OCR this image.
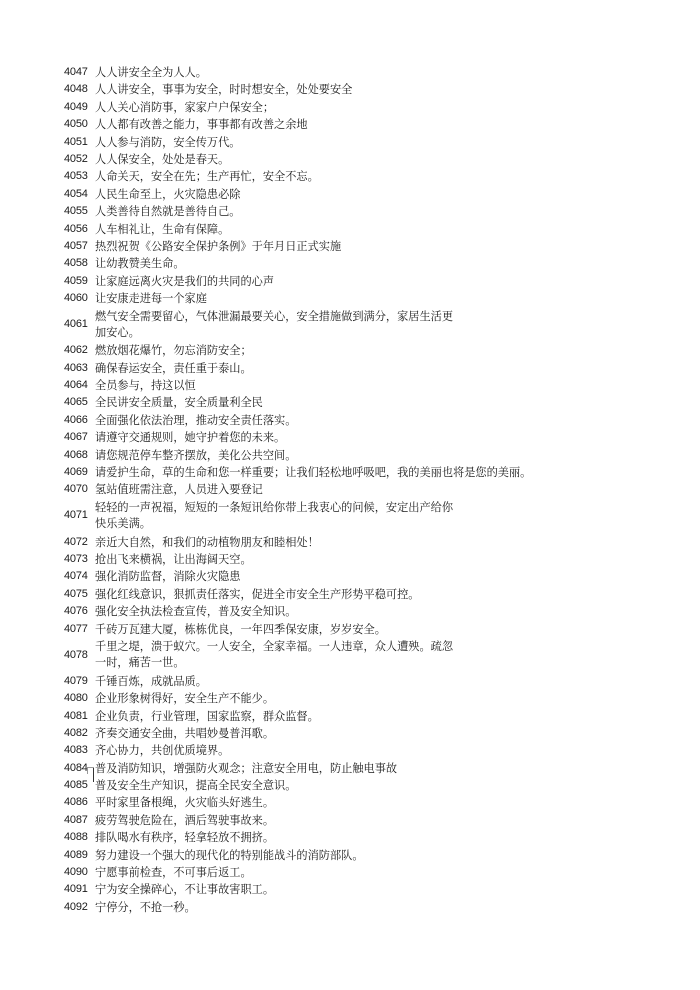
4047 人人讲安全全为人人。
4048 人人讲安全，事事为安全，时时想安全，处处要安全
4049 人人关心消防事，家家户户保安全；
4050 人人都有改善之能力，事事都有改善之余地
4051 人人参与消防，安全传万代。
4052 人人保安全，处处是春天。
4053 人命关天，安全在先；生产再忙，安全不忘。
4054 人民生命至上，火灾隐患必除
4055 人类善待自然就是善待自己。
4056 人车相礼让，生命有保障。
4057 热烈祝贺《公路安全保护条例》于年月日正式实施
4058 让幼教赞美生命。
4059 让家庭远离火灾是我们的共同的心声
4060 让安康走进每一个家庭
4061
燃气安全需要留心，气体泄漏最要关心，安全措施做到满分，家居生活更加安心。
4062 燃放烟花爆竹，勿忘消防安全；
4063 确保春运安全，责任重于泰山。
4064 全员参与，持这以恒
4065 全民讲安全质量，安全质量利全民
4066 全面强化依法治理，推动安全责任落实。
4067 请遵守交通规则，她守护着您的未来。
4068 请您规范停车整齐摆放，美化公共空间。
4069 请爱护生命，草的生命和您一样重要；让我们轻松地呼吸吧，我的美丽也将是您的美丽。
4070 氢站值班需注意，人员进入要登记
4071
轻轻的一声祝福，短短的一条短讯给你带上我衷心的问候，安定出产给你快乐美满。
4072 亲近大自然，和我们的动植物朋友和睦相处！
4073 抢出飞来横祸，让出海阔天空。
4074 强化消防监督，消除火灾隐患
4075 强化红线意识，狠抓责任落实，促进全市安全生产形势平稳可控。
4076 强化安全执法检查宣传，普及安全知识。
4077 千砖万瓦建大厦，栋栋优良，一年四季保安康，岁岁安全。
4078
千里之堤，溃于蚁穴。一人安全，全家幸福。一人违章，众人遭殃。疏忽一时，痛苦一世。
4079 千锤百炼，成就品质。
4080 企业形象树得好，安全生产不能少。
4081 企业负责，行业管理，国家监察，群众监督。
4082 齐奏交通安全曲，共唱妙曼普洱歌。
4083 齐心协力，共创优质境界。
4084 普及消防知识，增强防火观念；注意安全用电，防止触电事故
4085 普及安全生产知识，提高全民安全意识。
4086 平时家里备根绳，火灾临头好逃生。
4087 疲劳驾驶危险在，酒后驾驶事故来。
4088 排队喝水有秩序，轻拿轻放不拥挤。
4089 努力建设一个强大的现代化的特别能战斗的消防部队。
4090 宁愿事前检查，不可事后返工。
4091 宁为安全操碎心，不让事故害职工。
4092 宁停分，不抢一秒。
